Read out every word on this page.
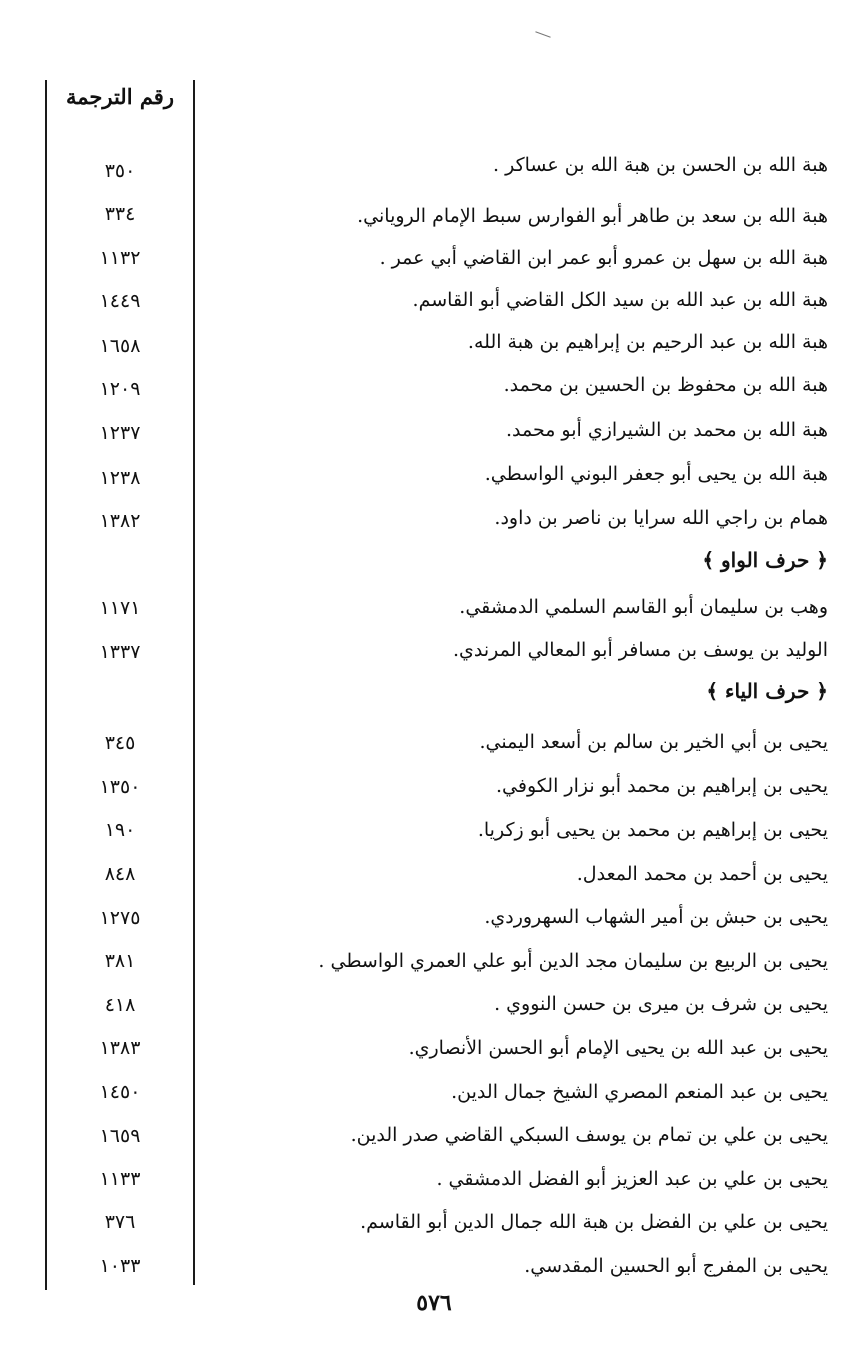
رقم الترجمة
هبة الله بن الحسن بن هبة الله بن عساكر .
٣٥٠
هبة الله بن سعد بن طاهر أبو الفوارس سبط الإمام الروياني.
٣٣٤
هبة الله بن سهل بن عمرو أبو عمر ابن القاضي أبي عمر .
١١٣٢
هبة الله بن عبد الله بن سيد الكل القاضي أبو القاسم.
١٤٤٩
هبة الله بن عبد الرحيم بن إبراهيم بن هبة الله.
١٦٥٨
هبة الله بن محفوظ بن الحسين بن محمد.
١٢٠٩
هبة الله بن محمد بن الشيرازي أبو محمد.
١٢٣٧
هبة الله بن يحيى أبو جعفر البوني الواسطي.
١٢٣٨
همام بن راجي الله سرايا بن ناصر بن داود.
١٣٨٢
﴿ حرف الواو ﴾
وهب بن سليمان أبو القاسم السلمي الدمشقي.
١١٧١
الوليد بن يوسف بن مسافر أبو المعالي المرندي.
١٣٣٧
﴿ حرف الياء ﴾
يحيى بن أبي الخير بن سالم بن أسعد اليمني.
٣٤٥
يحيى بن إبراهيم بن محمد أبو نزار الكوفي.
١٣٥٠
يحيى بن إبراهيم بن محمد بن يحيى أبو زكريا.
١٩٠
يحيى بن أحمد بن محمد المعدل.
٨٤٨
يحيى بن حبش بن أمير الشهاب السهروردي.
١٢٧٥
يحيى بن الربيع بن سليمان مجد الدين أبو علي العمري الواسطي .
٣٨١
يحيى بن شرف بن ميرى بن حسن النووي .
٤١٨
يحيى بن عبد الله بن يحيى الإمام أبو الحسن الأنصاري.
١٣٨٣
يحيى بن عبد المنعم المصري الشيخ جمال الدين.
١٤٥٠
يحيى بن علي بن تمام بن يوسف السبكي القاضي صدر الدين.
١٦٥٩
يحيى بن علي بن عبد العزيز أبو الفضل الدمشقي .
١١٣٣
يحيى بن علي بن الفضل بن هبة الله جمال الدين أبو القاسم.
٣٧٦
يحيى بن المفرج أبو الحسين المقدسي.
١٠٣٣
٥٧٦
